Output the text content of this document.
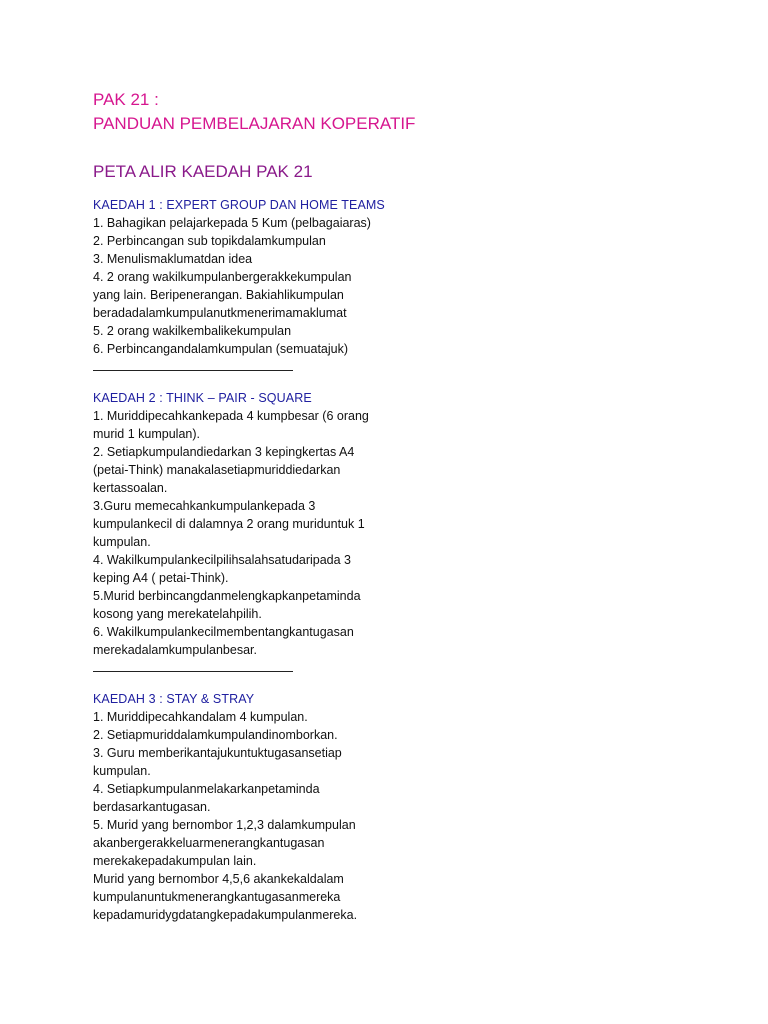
PAK 21 :

PANDUAN PEMBELAJARAN KOPERATIF

PETA ALIR KAEDAH PAK 21

KAEDAH 1 : EXPERT GROUP DAN HOME TEAMS

1. Bahagikan pelajarkepada 5 Kum (pelbagaiaras)

2. Perbincangan sub topikdalamkumpulan

3. Menulismaklumatdan idea

4. 2 orang wakilkumpulanbergerakkekumpulan

yang lain. Beripenerangan. Bakiahlikumpulan

beradadalamkumpulanutkmenerimamaklumat

5. 2 orang wakilkembalikekumpulan

6. Perbincangandalamkumpulan (semuatajuk)

KAEDAH 2 : THINK – PAIR - SQUARE

1. Muriddipecahkankepada 4 kumpbesar (6 orang

murid 1 kumpulan).

2. Setiapkumpulandiedarkan 3 kepingkertas A4

(petai-Think) manakalasetiapmuriddiedarkan

kertassoalan.

3.Guru memecahkankumpulankepada 3

kumpulankecil di dalamnya 2 orang muriduntuk 1

kumpulan.

4. Wakilkumpulankecilpilihsalahsatudaripada 3

keping A4 ( petai-Think).

5.Murid berbincangdanmelengkapkanpetaminda

kosong yang merekatelahpilih.

6. Wakilkumpulankecilmembentangkantugasan

merekadalamkumpulanbesar.

KAEDAH 3 : STAY & STRAY

1. Muriddipecahkandalam 4 kumpulan.

2. Setiapmuriddalamkumpulandinomborkan.

3. Guru memberikantajukuntuktugasansetiap

kumpulan.

4. Setiapkumpulanmelakarkanpetaminda

berdasarkantugasan.

5. Murid yang bernombor 1,2,3 dalamkumpulan

akanbergerakkeluarmenerangkantugasan

merekakepadakumpulan lain.

Murid yang bernombor 4,5,6 akankekaldalam

kumpulanuntukmenerangkantugasanmereka

kepadamuridygdatangkepadakumpulanmereka.
